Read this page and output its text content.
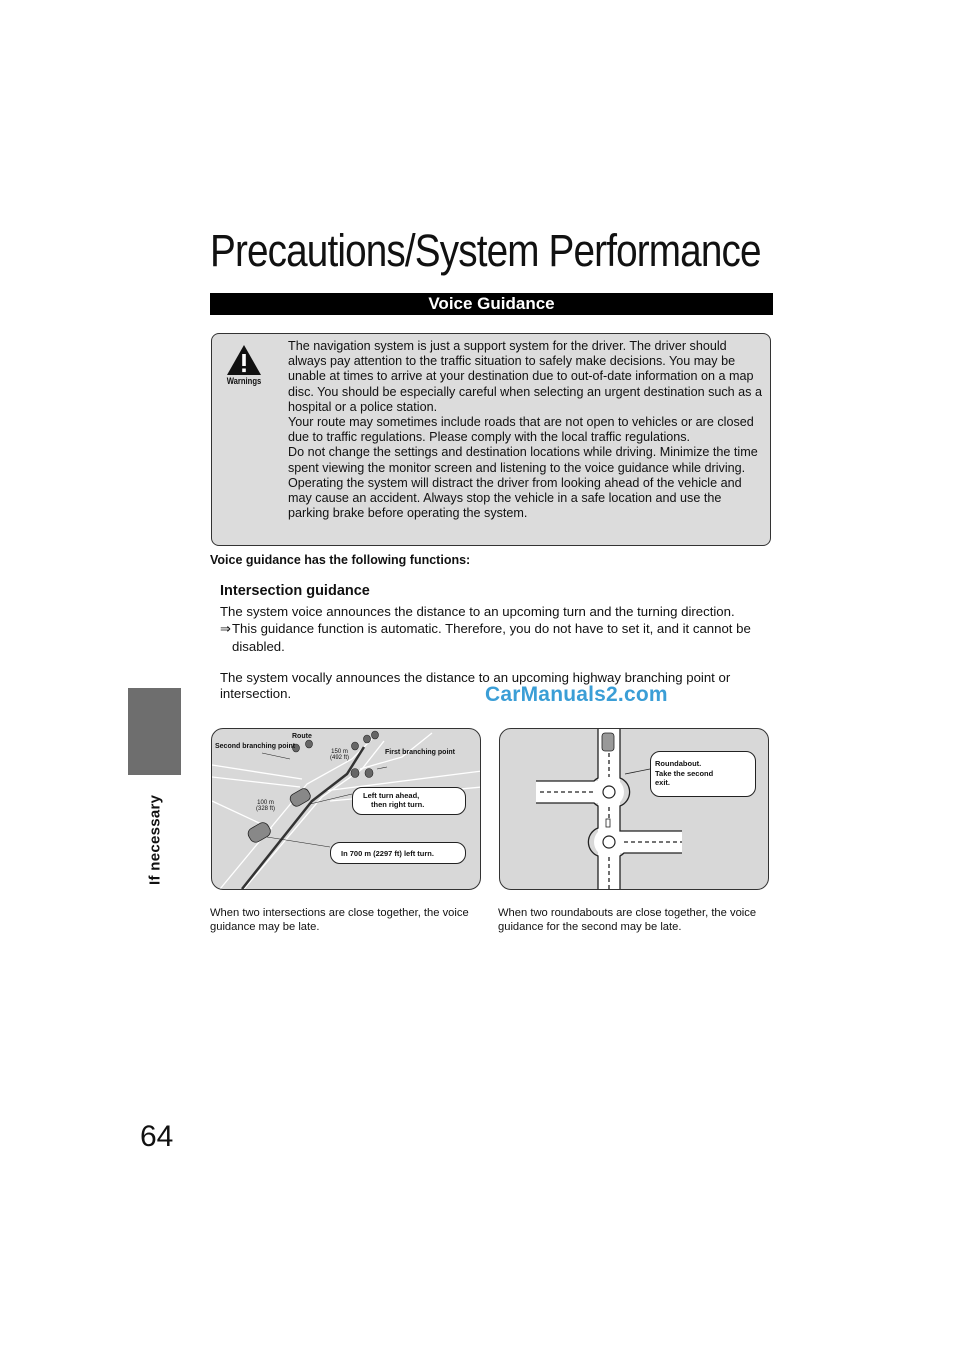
If necessary
64
Precautions/System Performance
Voice Guidance
Warnings

The navigation system is just a support system for the driver. The driver should always pay attention to the traffic situation to safely make decisions. You may be unable at times to arrive at your destination due to out-of-date information on a map disc. You should be especially careful when selecting an urgent destination such as a hospital or a police station.

Your route may sometimes include roads that are not open to vehicles or are closed due to traffic regulations. Please comply with the local traffic regulations.

Do not change the settings and destination locations while driving. Minimize the time spent viewing the monitor screen and listening to the voice guidance while driving. Operating the system will distract the driver from looking ahead of the vehicle and may cause an accident. Always stop the vehicle in a safe location and use the parking brake before operating the system.

Voice guidance has the following functions:
Intersection guidance

The system voice announces the distance to an upcoming turn and the turning direction.

⇒ This guidance function is automatic. Therefore, you do not have to set it, and it cannot be

disabled.

The system vocally announces the distance to an upcoming highway branching point or intersection.	CarManuals2.com
Route
Second branching point
First branching point
150 m
(492 ft)
100 m
(328 ft)
Left turn ahead,
then right turn.
In 700 m (2297 ft) left turn.
Roundabout.
Take the second
exit.
When two intersections are close together, the voice guidance may be late.
When two roundabouts are close together, the voice guidance for the second may be late.
